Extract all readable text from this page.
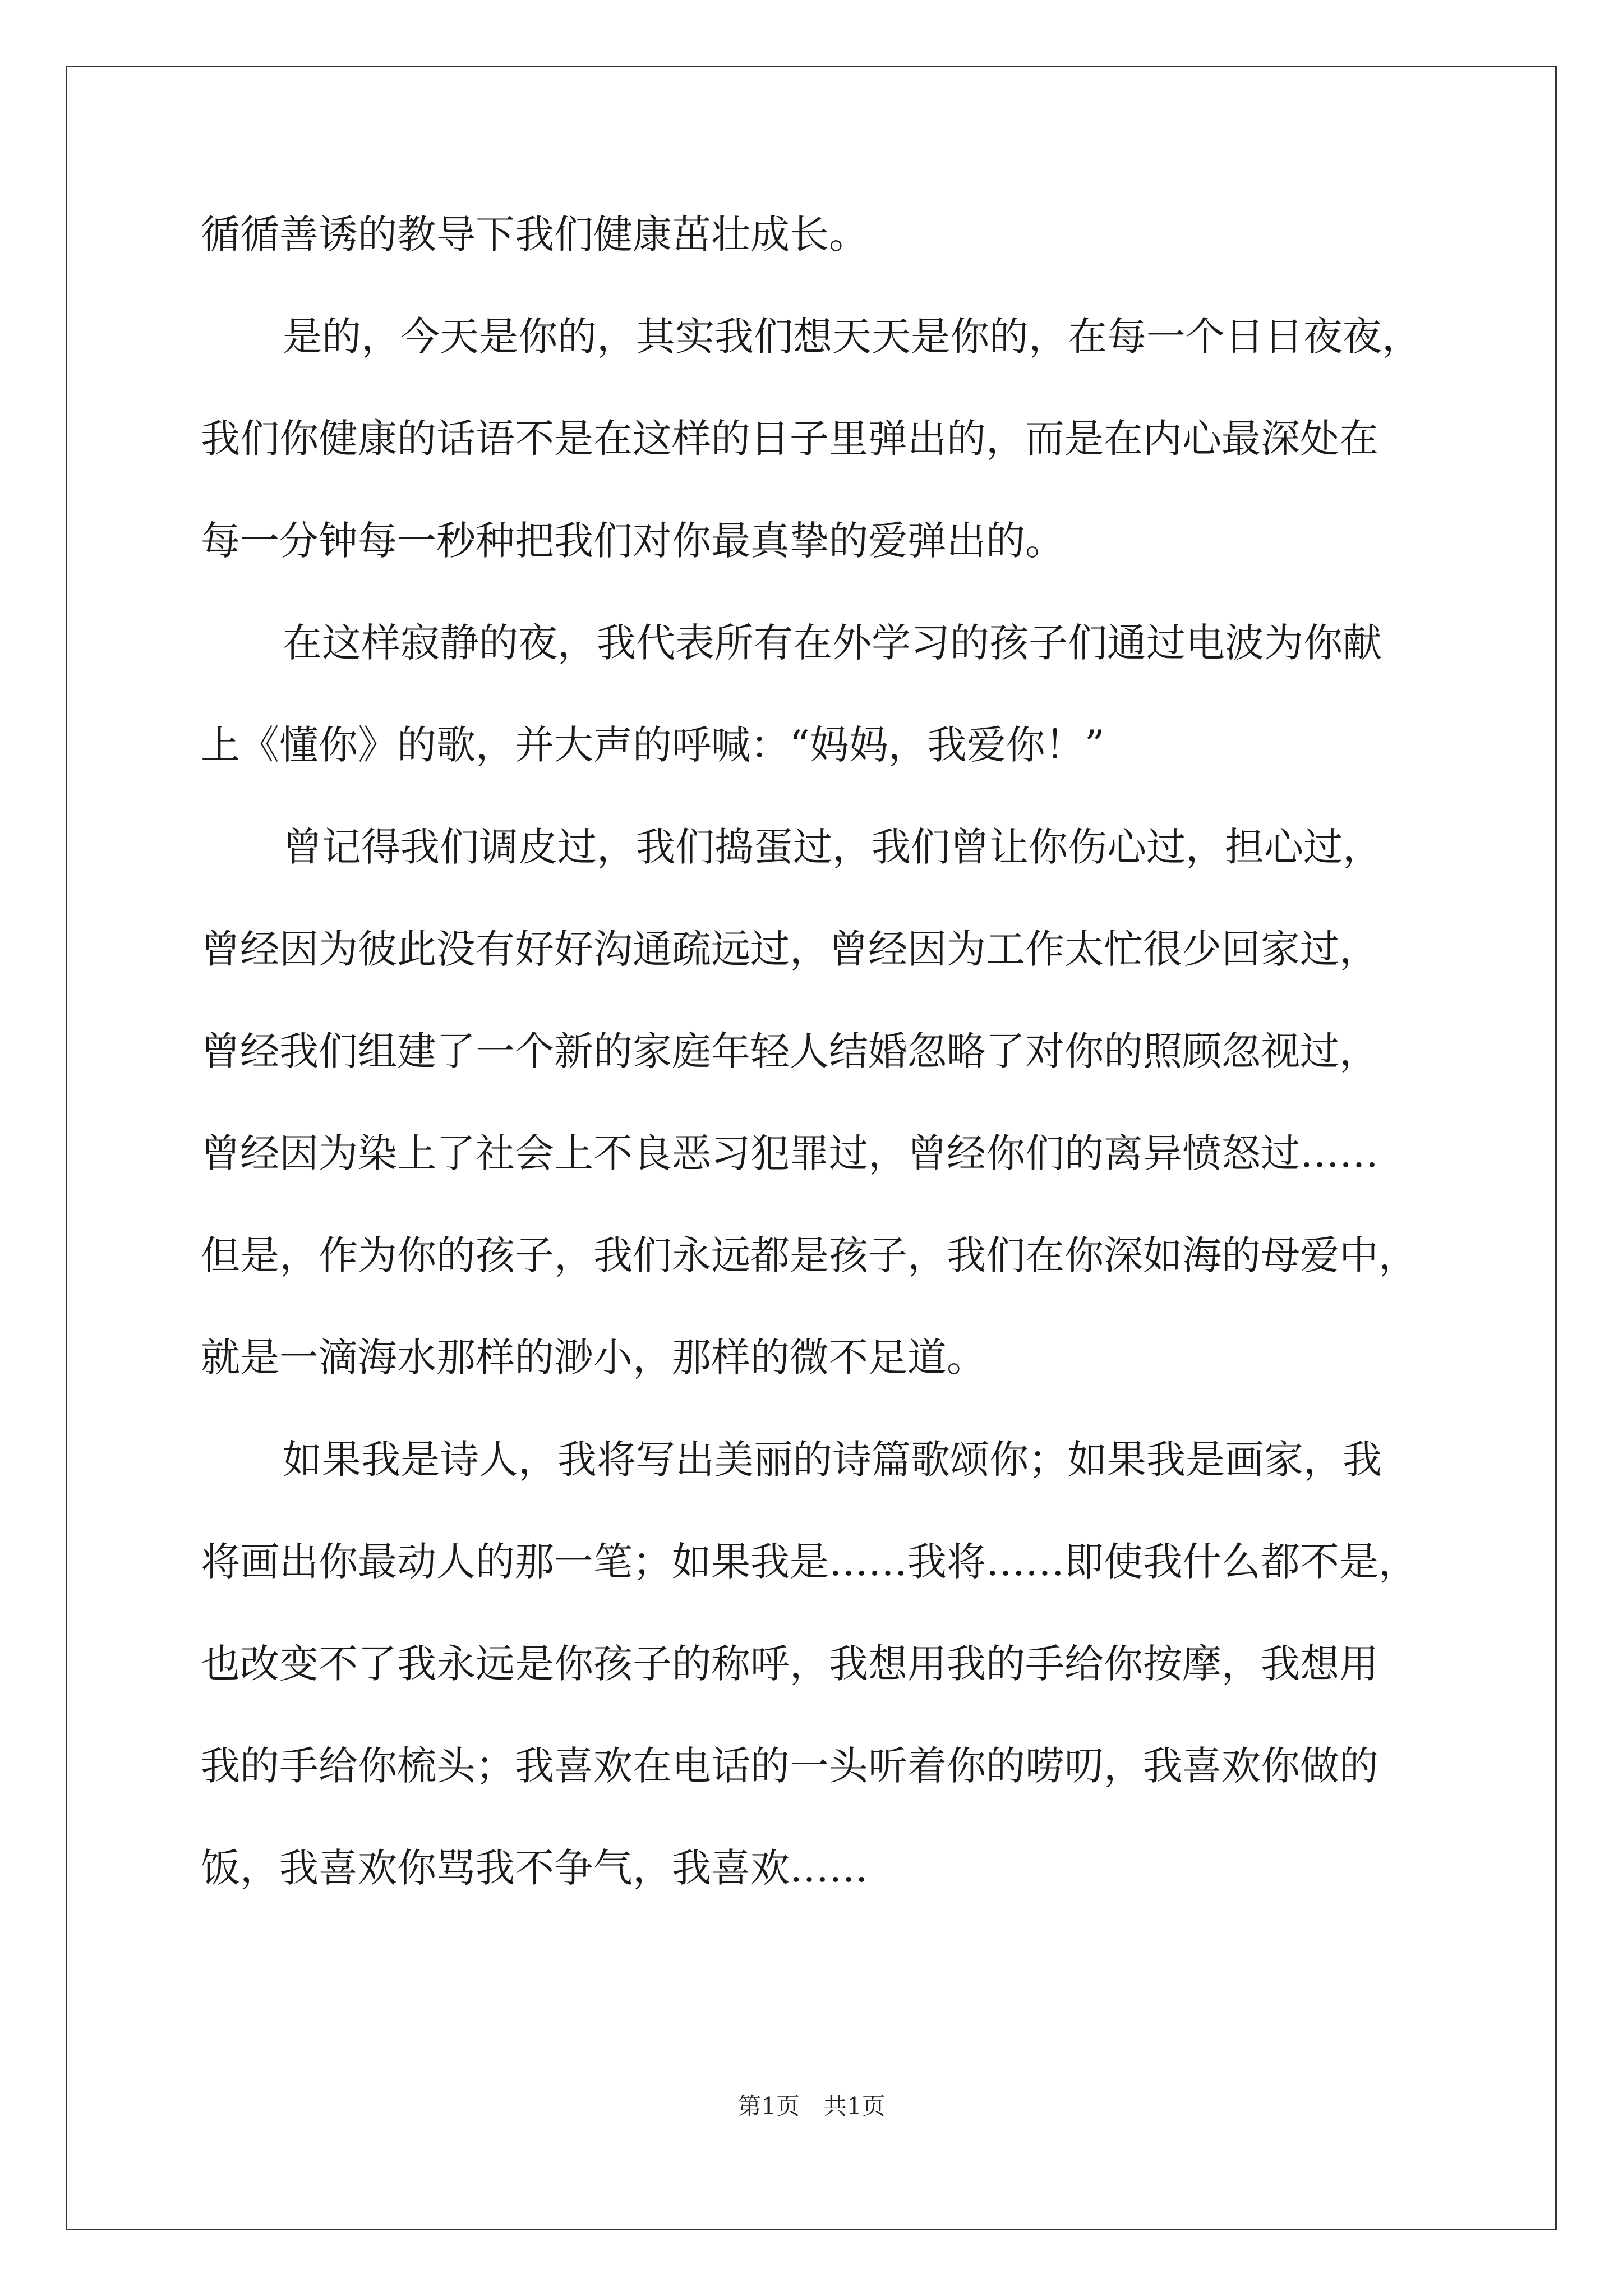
循循善诱的教导下我们健康茁壮成长。
是的，今天是你的，其实我们想天天是你的，在每一个日日夜夜，
我们你健康的话语不是在这样的日子里弹出的，而是在内心最深处在
每一分钟每一秒种把我们对你最真挚的爱弹出的。
在这样寂静的夜，我代表所有在外学习的孩子们通过电波为你献
上《懂你》的歌，并大声的呼喊：“妈妈，我爱你！”
曾记得我们调皮过，我们捣蛋过，我们曾让你伤心过，担心过，
曾经因为彼此没有好好沟通疏远过，曾经因为工作太忙很少回家过，
曾经我们组建了一个新的家庭年轻人结婚忽略了对你的照顾忽视过，
曾经因为染上了社会上不良恶习犯罪过，曾经你们的离异愤怒过……
但是，作为你的孩子，我们永远都是孩子，我们在你深如海的母爱中，
就是一滴海水那样的渺小，那样的微不足道。
如果我是诗人，我将写出美丽的诗篇歌颂你；如果我是画家，我
将画出你最动人的那一笔；如果我是……我将……即使我什么都不是，
也改变不了我永远是你孩子的称呼，我想用我的手给你按摩，我想用
我的手给你梳头；我喜欢在电话的一头听着你的唠叨，我喜欢你做的
饭，我喜欢你骂我不争气，我喜欢……
第1页 共1页
